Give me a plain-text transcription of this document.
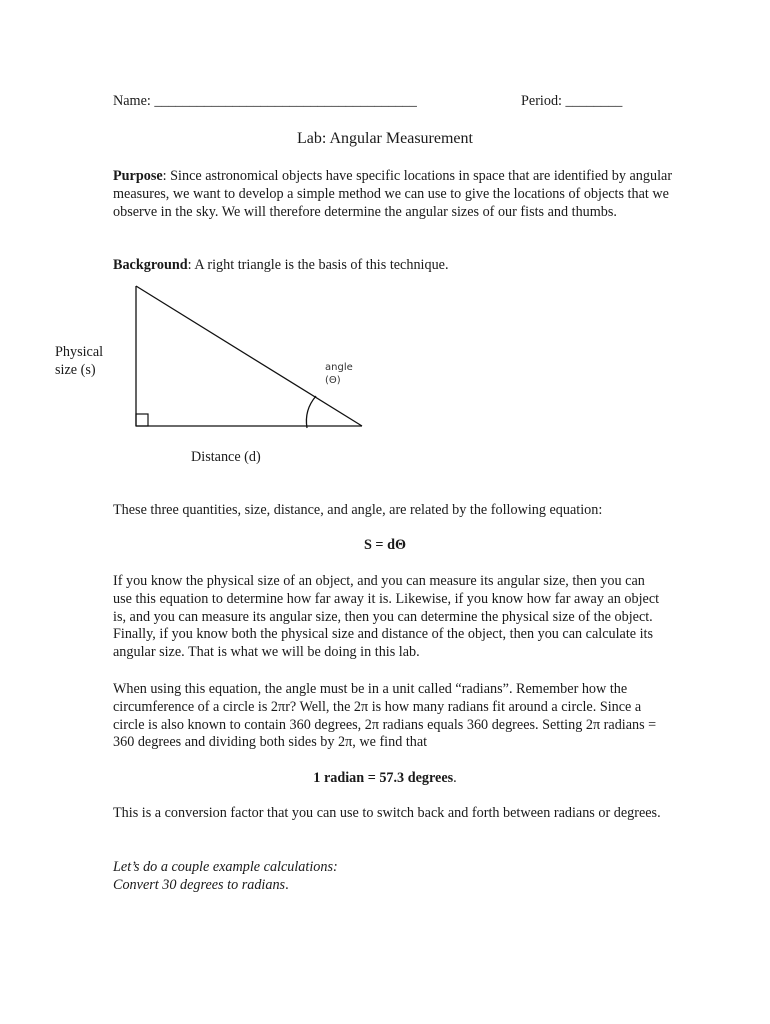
Name: _____________________________________	Period: ________
Lab: Angular Measurement

Purpose: Since astronomical objects have specific locations in space that are identified by angular measures, we want to develop a simple method we can use to give the locations of objects that we observe in the sky. We will therefore determine the angular sizes of our fists and thumbs.

Background: A right triangle is the basis of this technique.

Physical
size (s)	angle
(Θ)
Distance (d)

These three quantities, size, distance, and angle, are related by the following equation:

S = dΘ

If you know the physical size of an object, and you can measure its angular size, then you can use this equation to determine how far away it is. Likewise, if you know how far away an object is, and you can measure its angular size, then you can determine the physical size of the object. Finally, if you know both the physical size and distance of the object, then you can calculate its angular size. That is what we will be doing in this lab.

When using this equation, the angle must be in a unit called “radians”. Remember how the circumference of a circle is 2πr? Well, the 2π is how many radians fit around a circle. Since a circle is also known to contain 360 degrees, 2π radians equals 360 degrees. Setting 2π radians = 360 degrees and dividing both sides by 2π, we find that

1 radian = 57.3 degrees.

This is a conversion factor that you can use to switch back and forth between radians or degrees.

Let’s do a couple example calculations:
Convert 30 degrees to radians.
